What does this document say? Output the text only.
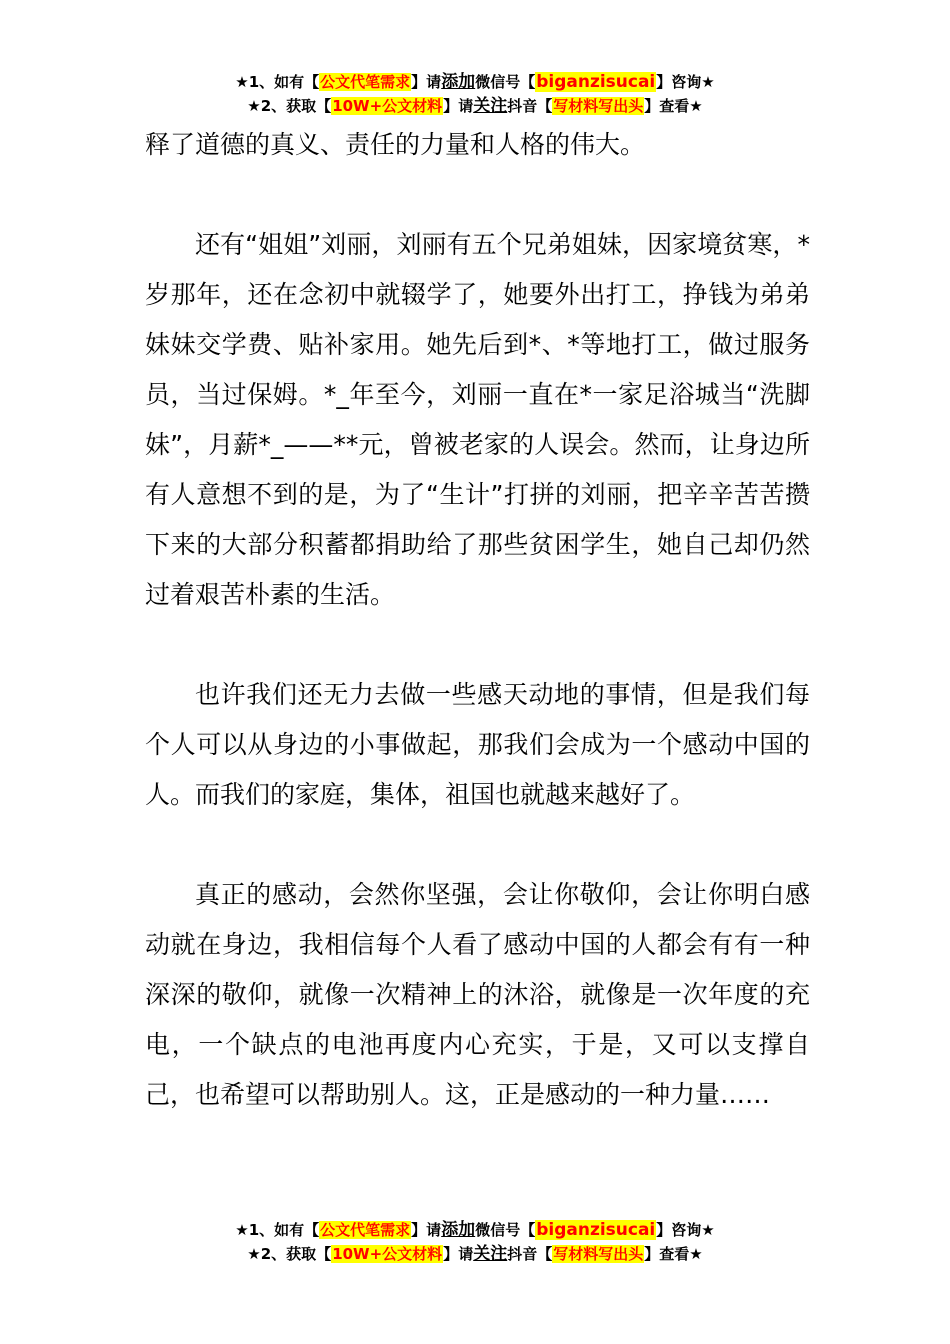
★1、如有【公文代笔需求】请添加微信号【biganzisucai】咨询★
★2、获取【10W+公文材料】请关注抖音【写材料写出头】查看★

释了道德的真义、责任的力量和人格的伟大。

还有“姐姐”刘丽，刘丽有五个兄弟姐妹，因家境贫寒，*岁那年，还在念初中就辍学了，她要外出打工，挣钱为弟弟妹妹交学费、贴补家用。她先后到*、*等地打工，做过服务员，当过保姆。*_年至今，刘丽一直在*一家足浴城当“洗脚妹”，月薪*_——**元，曾被老家的人误会。然而，让身边所有人意想不到的是，为了“生计”打拼的刘丽，把辛辛苦苦攒下来的大部分积蓄都捐助给了那些贫困学生，她自己却仍然过着艰苦朴素的生活。

也许我们还无力去做一些感天动地的事情，但是我们每个人可以从身边的小事做起，那我们会成为一个感动中国的人。而我们的家庭，集体，祖国也就越来越好了。

真正的感动，会然你坚强，会让你敬仰，会让你明白感动就在身边，我相信每个人看了感动中国的人都会有有一种深深的敬仰，就像一次精神上的沐浴，就像是一次年度的充电，一个缺点的电池再度内心充实，于是，又可以支撑自己，也希望可以帮助别人。这，正是感动的一种力量……

★1、如有【公文代笔需求】请添加微信号【biganzisucai】咨询★
★2、获取【10W+公文材料】请关注抖音【写材料写出头】查看★
